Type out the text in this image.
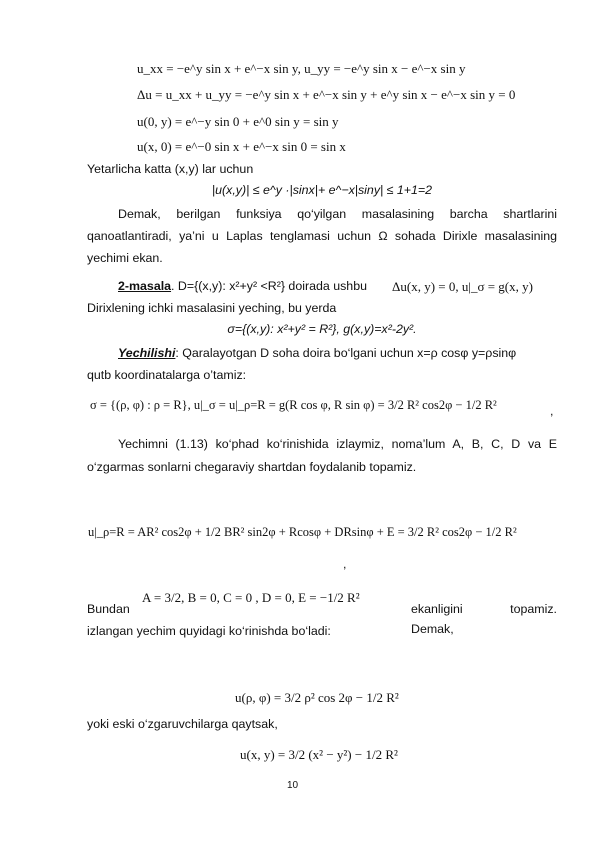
u_xx = −e^y sin x + e^−x sin y, u_yy = −e^y sin x − e^−x sin y
Δu = u_xx + u_yy = −e^y sin x + e^−x sin y + e^y sin x − e^−x sin y = 0
u(0, y) = e^−y sin 0 + e^0 sin y = sin y
u(x, 0) = e^−0 sin x + e^−x sin 0 = sin x
Yetarlicha katta (x,y) lar uchun
|u(x,y)| ≤ e^y ·|sinx|+ e^−x|siny| ≤ 1+1=2
Demak, berilgan funksiya qo‘yilgan masalasining barcha shartlarini
qanoatlantiradi, ya’ni u Laplas tenglamasi uchun Ω sohada Dirixle masalasining
yechimi ekan.
2-masala. D={(x,y): x²+y² <R²} doirada ushbu	Δu(x, y) = 0, u|_σ = g(x, y)
Dirixlening ichki masalasini yeching, bu yerda
σ={(x,y): x²+y² = R²}, g(x,y)=x²-2y².
Yechilishi: Qaralayotgan D soha doira bo‘lgani uchun x=ρ cosφ y=ρsinφ
qutb koordinatalarga o’tamiz:
σ = {(ρ, φ) : ρ = R}, u|_σ = u|_ρ=R = g(R cos φ, R sin φ) = 3/2 R² cos2φ − 1/2 R²	,
Yechimni (1.13) ko‘phad ko‘rinishida izlaymiz, noma’lum A, B, C, D va E
o‘zgarmas sonlarni chegaraviy shartdan foydalanib topamiz.
u|_ρ=R = AR² cos2φ + 1/2 BR² sin2φ + Rcosφ + DRsinφ + E = 3/2 R² cos2φ − 1/2 R²
,
Bundan
A = 3/2, B = 0, C = 0 , D = 0, E = −1/2 R²
ekanligini topamiz. Demak,
izlangan yechim quyidagi ko‘rinishda bo‘ladi:
u(ρ, φ) = 3/2 ρ² cos 2φ − 1/2 R²
yoki eski o‘zgaruvchilarga qaytsak,
u(x, y) = 3/2 (x² − y²) − 1/2 R²
10
